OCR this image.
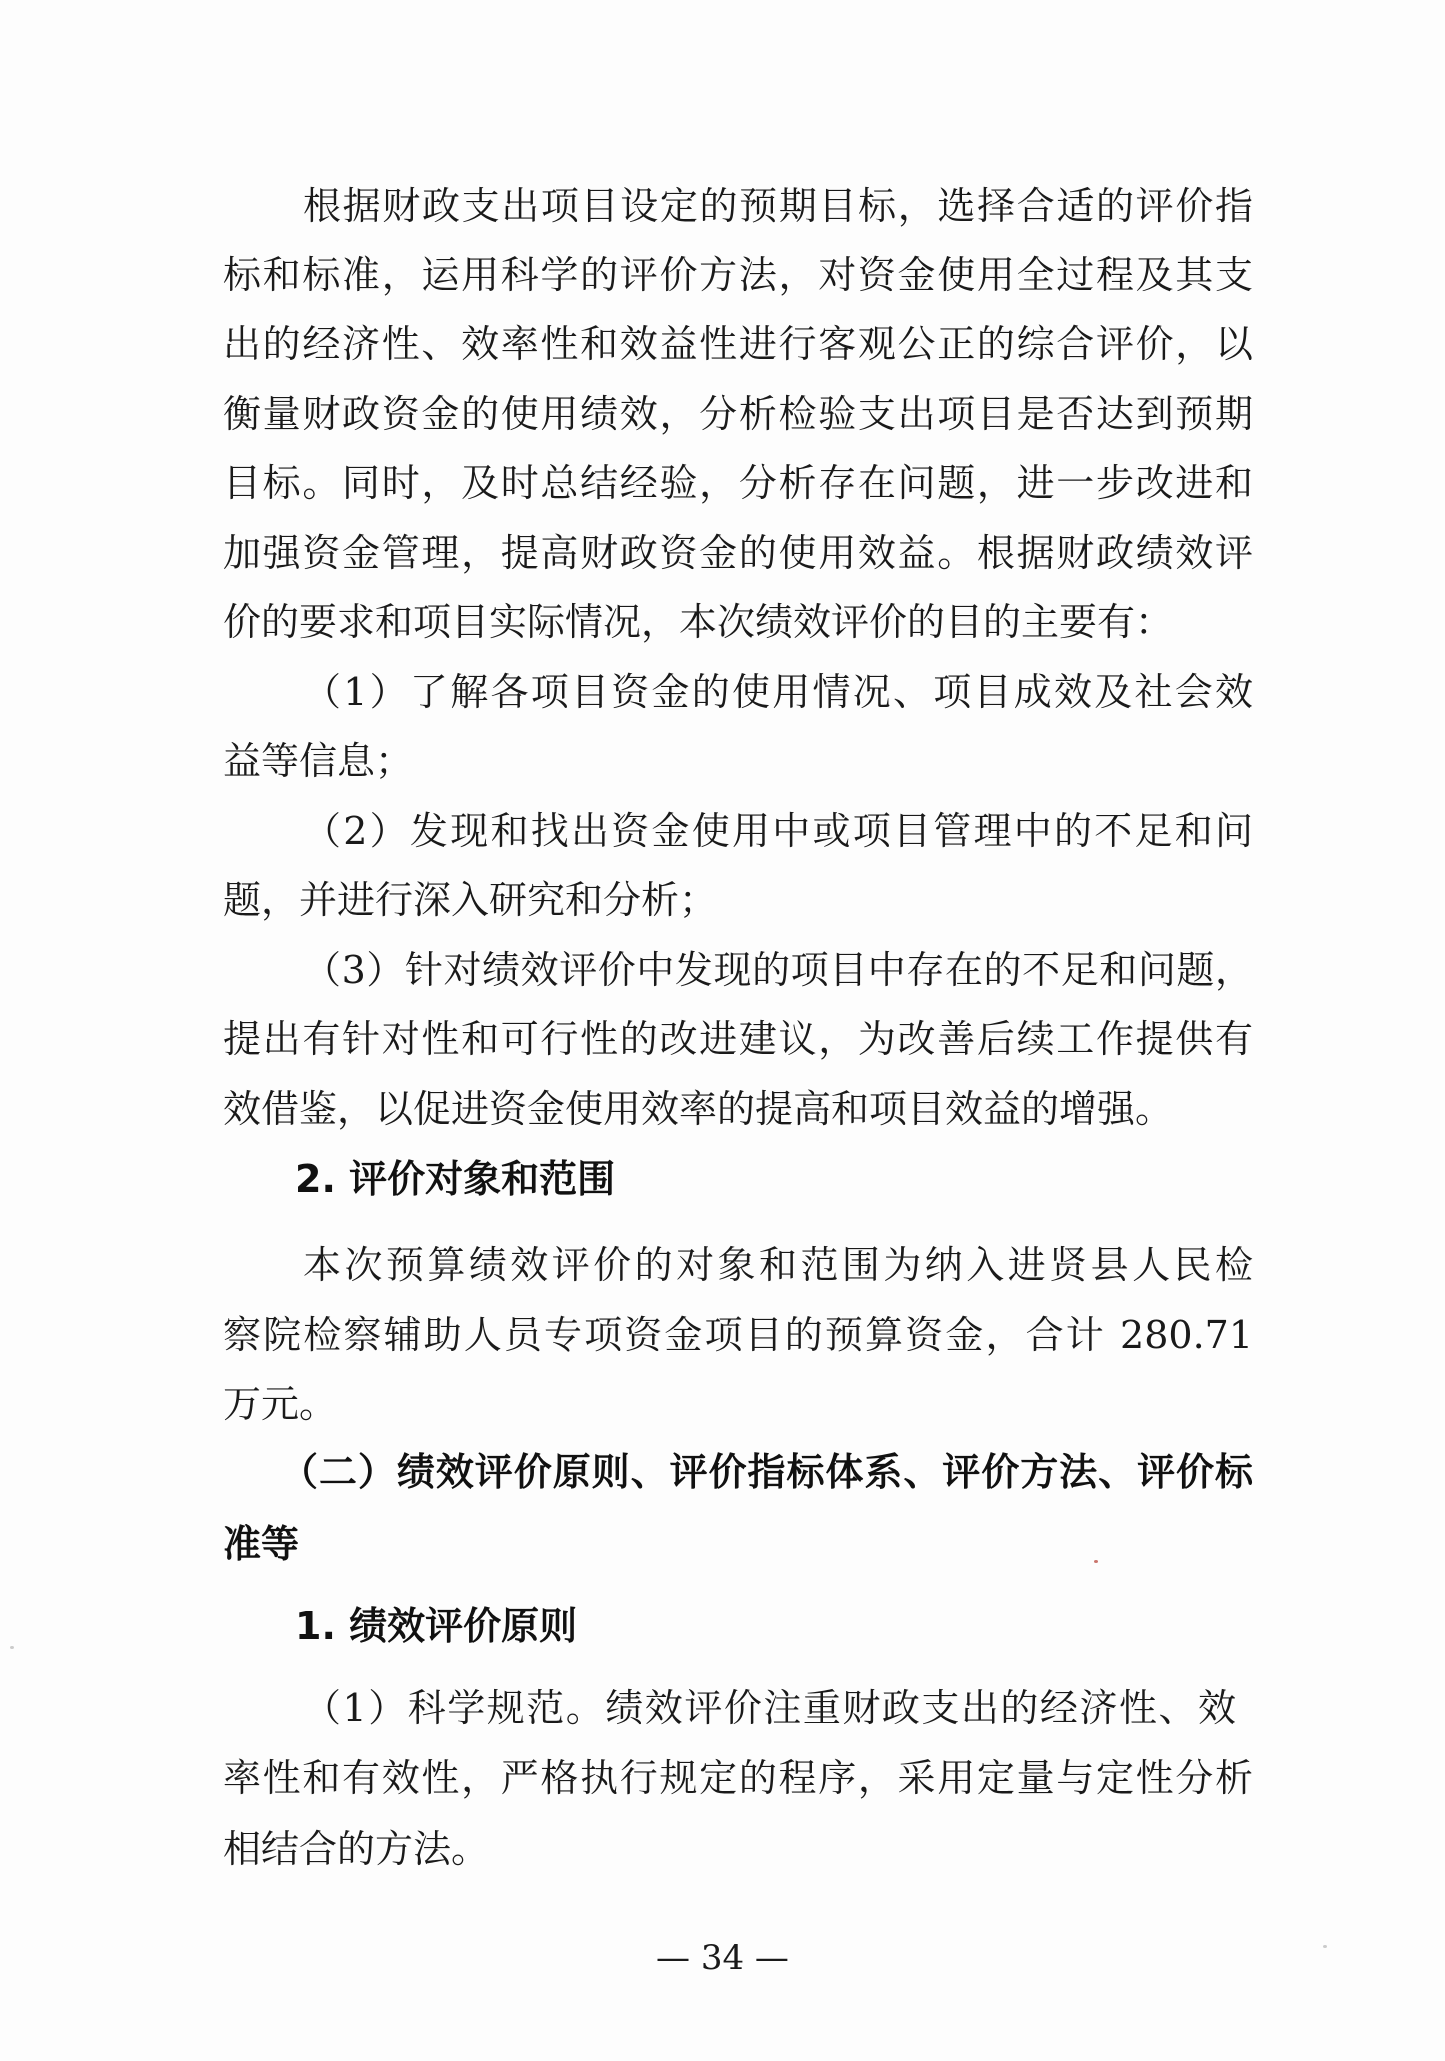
根据财政支出项目设定的预期目标，选择合适的评价指

标和标准，运用科学的评价方法，对资金使用全过程及其支

出的经济性、效率性和效益性进行客观公正的综合评价，以

衡量财政资金的使用绩效，分析检验支出项目是否达到预期

目标。同时，及时总结经验，分析存在问题，进一步改进和

加强资金管理，提高财政资金的使用效益。根据财政绩效评

价的要求和项目实际情况，本次绩效评价的目的主要有：

（1）了解各项目资金的使用情况、项目成效及社会效

益等信息；

（2）发现和找出资金使用中或项目管理中的不足和问

题，并进行深入研究和分析；

（3）针对绩效评价中发现的项目中存在的不足和问题，

提出有针对性和可行性的改进建议，为改善后续工作提供有

效借鉴，以促进资金使用效率的提高和项目效益的增强。

2. 评价对象和范围

本次预算绩效评价的对象和范围为纳入进贤县人民检

察院检察辅助人员专项资金项目的预算资金，合计 280.71

万元。

（二）绩效评价原则、评价指标体系、评价方法、评价标

准等

1. 绩效评价原则

（1）科学规范。绩效评价注重财政支出的经济性、效

率性和有效性，严格执行规定的程序，采用定量与定性分析

相结合的方法。

— 34 —
